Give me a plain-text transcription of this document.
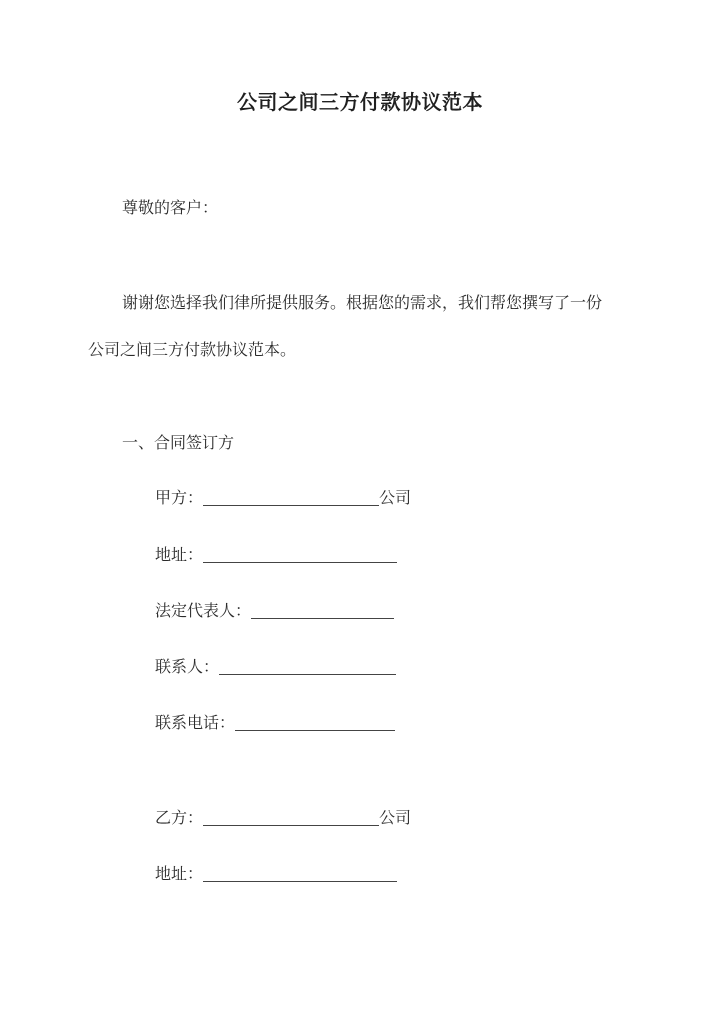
公司之间三方付款协议范本
尊敬的客户：
谢谢您选择我们律所提供服务。根据您的需求，我们帮您撰写了一份
公司之间三方付款协议范本。
一、合同签订方
甲方：	公司
地址：
法定代表人：
联系人：
联系电话：
乙方：	公司
地址：
